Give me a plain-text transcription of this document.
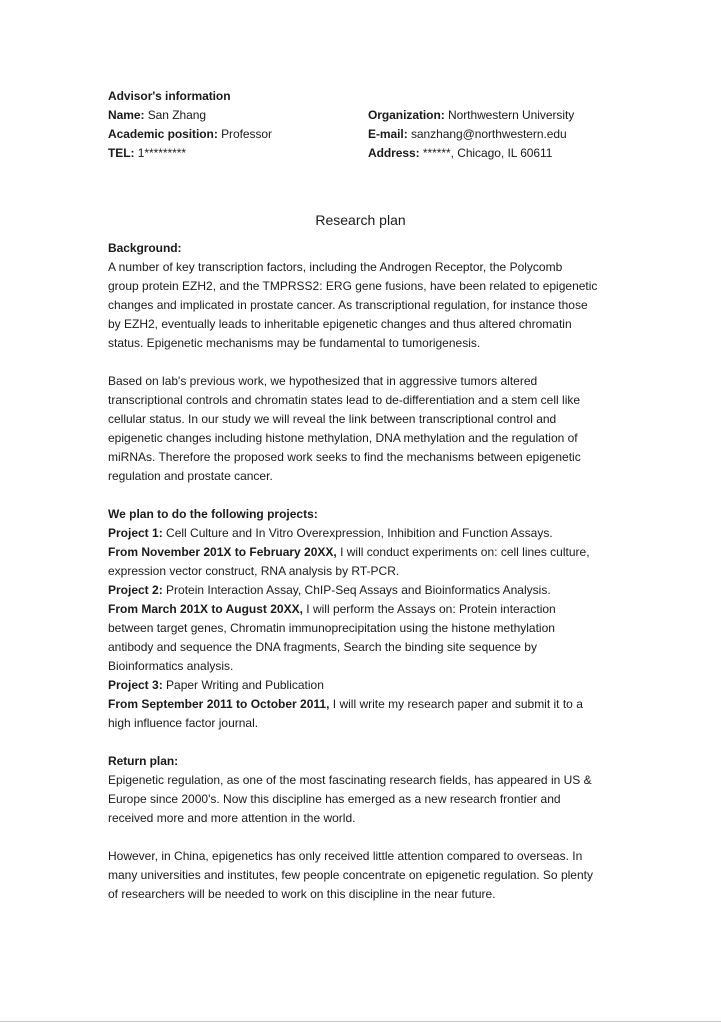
Advisor's information
Name: San Zhang	Organization: Northwestern University
Academic position: Professor	E-mail: sanzhang@northwestern.edu
TEL: 1*********	Address: ******, Chicago, IL 60611
Research plan
Background:
A number of key transcription factors, including the Androgen Receptor, the Polycomb
group protein EZH2, and the TMPRSS2: ERG gene fusions, have been related to epigenetic
changes and implicated in prostate cancer. As transcriptional regulation, for instance those
by EZH2, eventually leads to inheritable epigenetic changes and thus altered chromatin
status. Epigenetic mechanisms may be fundamental to tumorigenesis.
Based on lab's previous work, we hypothesized that in aggressive tumors altered
transcriptional controls and chromatin states lead to de-differentiation and a stem cell like
cellular status. In our study we will reveal the link between transcriptional control and
epigenetic changes including histone methylation, DNA methylation and the regulation of
miRNAs. Therefore the proposed work seeks to find the mechanisms between epigenetic
regulation and prostate cancer.
We plan to do the following projects:
Project 1: Cell Culture and In Vitro Overexpression, Inhibition and Function Assays.
From November 201X to February 20XX, I will conduct experiments on: cell lines culture,
expression vector construct, RNA analysis by RT-PCR.
Project 2: Protein Interaction Assay, ChIP-Seq Assays and Bioinformatics Analysis.
From March 201X to August 20XX, I will perform the Assays on: Protein interaction
between target genes, Chromatin immunoprecipitation using the histone methylation
antibody and sequence the DNA fragments, Search the binding site sequence by
Bioinformatics analysis.
Project 3: Paper Writing and Publication
From September 2011 to October 2011, I will write my research paper and submit it to a
high influence factor journal.
Return plan:
Epigenetic regulation, as one of the most fascinating research fields, has appeared in US &
Europe since 2000's. Now this discipline has emerged as a new research frontier and
received more and more attention in the world.
However, in China, epigenetics has only received little attention compared to overseas. In
many universities and institutes, few people concentrate on epigenetic regulation. So plenty
of researchers will be needed to work on this discipline in the near future.
